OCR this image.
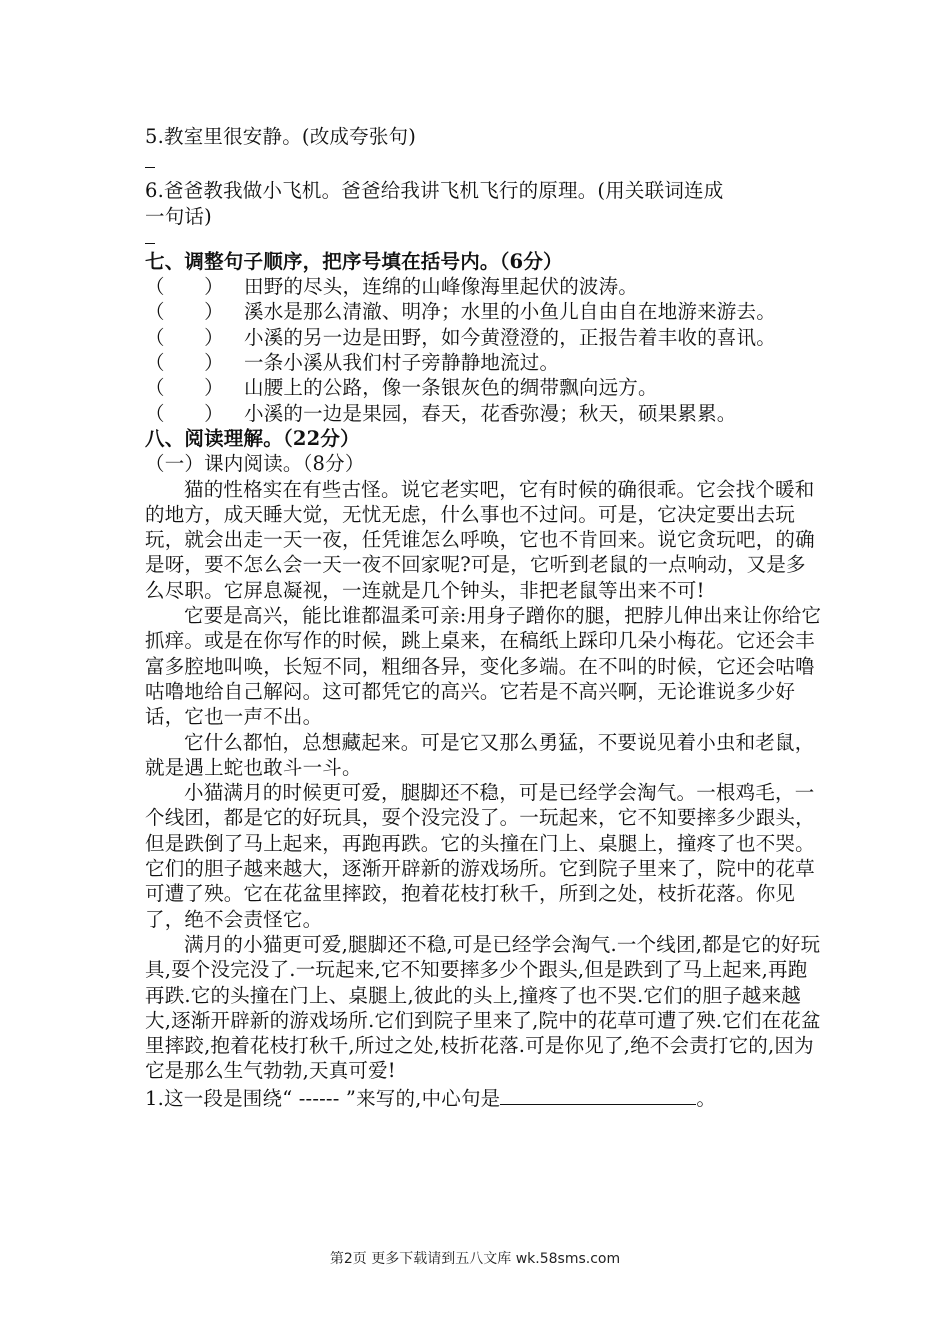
5.教室里很安静。(改成夸张句)
6.爸爸教我做小飞机。爸爸给我讲飞机飞行的原理。(用关联词连成
一句话)
七、调整句子顺序，把序号填在括号内。（6分）
（　　）	田野的尽头，连绵的山峰像海里起伏的波涛。
（　　）	溪水是那么清澈、明净；水里的小鱼儿自由自在地游来游去。
（　　）	小溪的另一边是田野，如今黄澄澄的，正报告着丰收的喜讯。
（　　）	一条小溪从我们村子旁静静地流过。
（　　）	山腰上的公路，像一条银灰色的绸带飘向远方。
（　　）	小溪的一边是果园，春天，花香弥漫；秋天，硕果累累。
八、阅读理解。（22分）
（一）课内阅读。（8分）
猫的性格实在有些古怪。说它老实吧，它有时候的确很乖。它会找个暖和的地方，成天睡大觉，无忧无虑，什么事也不过问。可是，它决定要出去玩玩，就会出走一天一夜，任凭谁怎么呼唤，它也不肯回来。说它贪玩吧，的确是呀，要不怎么会一天一夜不回家呢?可是，它听到老鼠的一点响动，又是多么尽职。它屏息凝视，一连就是几个钟头，非把老鼠等出来不可!
它要是高兴，能比谁都温柔可亲:用身子蹭你的腿，把脖儿伸出来让你给它抓痒。或是在你写作的时候，跳上桌来，在稿纸上踩印几朵小梅花。它还会丰富多腔地叫唤，长短不同，粗细各异，变化多端。在不叫的时候，它还会咕噜咕噜地给自己解闷。这可都凭它的高兴。它若是不高兴啊，无论谁说多少好话，它也一声不出。
它什么都怕，总想藏起来。可是它又那么勇猛，不要说见着小虫和老鼠，就是遇上蛇也敢斗一斗。
小猫满月的时候更可爱，腿脚还不稳，可是已经学会淘气。一根鸡毛，一个线团，都是它的好玩具，耍个没完没了。一玩起来，它不知要摔多少跟头，但是跌倒了马上起来，再跑再跌。它的头撞在门上、桌腿上，撞疼了也不哭。它们的胆子越来越大，逐渐开辟新的游戏场所。它到院子里来了，院中的花草可遭了殃。它在花盆里摔跤，抱着花枝打秋千，所到之处，枝折花落。你见了，绝不会责怪它。
满月的小猫更可爱,腿脚还不稳,可是已经学会淘气.一个线团,都是它的好玩具,耍个没完没了.一玩起来,它不知要摔多少个跟头,但是跌到了马上起来,再跑再跌.它的头撞在门上、桌腿上,彼此的头上,撞疼了也不哭.它们的胆子越来越大,逐渐开辟新的游戏场所.它们到院子里来了,院中的花草可遭了殃.它们在花盆里摔跤,抱着花枝打秋千,所过之处,枝折花落.可是你见了,绝不会责打它的,因为它是那么生气勃勃,天真可爱!
1.这一段是围绕“ ------ ”来写的,中心句是	。
第2页 更多下载请到五八文库 wk.58sms.com
